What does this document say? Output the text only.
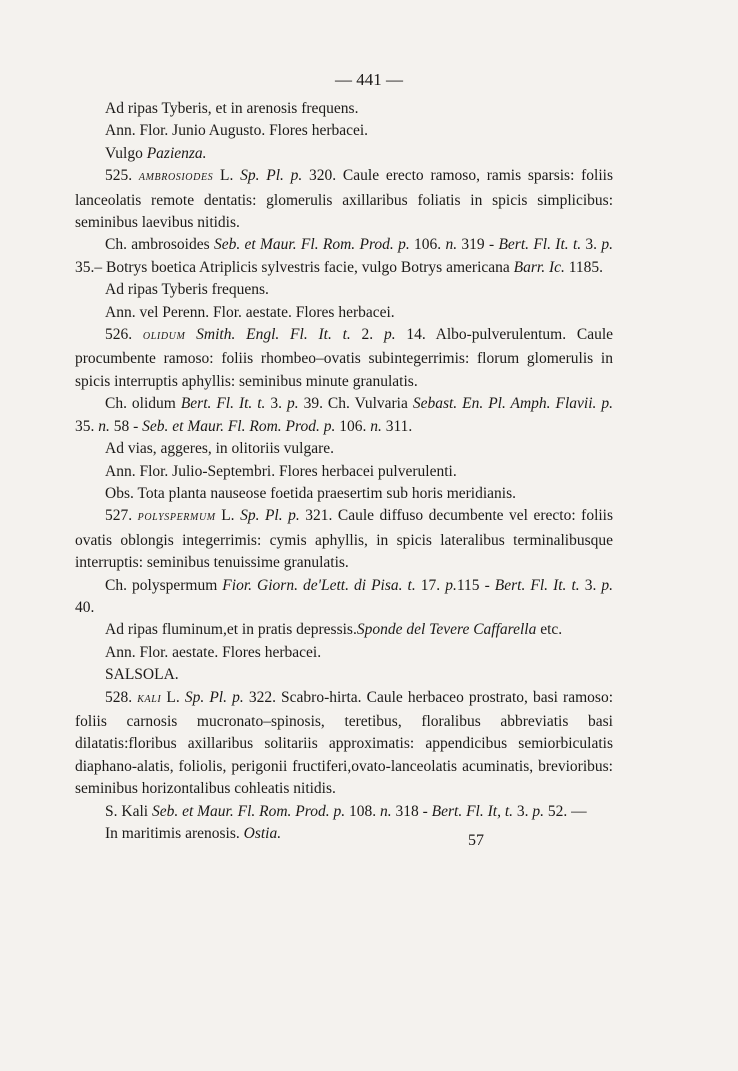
— 441 —

Ad ripas Tyberis, et in arenosis frequens.

Ann. Flor. Junio Augusto. Flores herbacei.

Vulgo Pazienza.

525. AMBROSIODES L. Sp. Pl. p. 320. Caule erecto ramoso, ramis sparsis: foliis lanceolatis remote dentatis: glomerulis axillaribus foliatis in spicis simplicibus: seminibus laevibus nitidis.

Ch. ambrosoides Seb. et Maur. Fl. Rom. Prod. p. 106. n. 319 - Bert. Fl. It. t. 3. p. 35.– Botrys boetica Atriplicis sylvestris facie, vulgo Botrys americana Barr. Ic. 1185.

Ad ripas Tyberis frequens.

Ann. vel Perenn. Flor. aestate. Flores herbacei.

526. OLIDUM Smith. Engl. Fl. It. t. 2. p. 14. Albo-pulverulentum. Caule procumbente ramoso: foliis rhombeo–ovatis subintegerrimis: florum glomerulis in spicis interruptis aphyllis: seminibus minute granulatis.

Ch. olidum Bert. Fl. It. t. 3. p. 39. Ch. Vulvaria Sebast. En. Pl. Amph. Flavii. p. 35. n. 58 - Seb. et Maur. Fl. Rom. Prod. p. 106. n. 311.

Ad vias, aggeres, in olitoriis vulgare.

Ann. Flor. Julio-Septembri. Flores herbacei pulverulenti.

Obs. Tota planta nauseose foetida praesertim sub horis meridianis.

527. POLYSPERMUM L. Sp. Pl. p. 321. Caule diffuso decumbente vel erecto: foliis ovatis oblongis integerrimis: cymis aphyllis, in spicis lateralibus terminalibusque interruptis: seminibus tenuissime granulatis.

Ch. polyspermum Fior. Giorn. de'Lett. di Pisa. t. 17. p.115 - Bert. Fl. It. t. 3. p. 40.

Ad ripas fluminum,et in pratis depressis.Sponde del Tevere Caffarella etc.

Ann. Flor. aestate. Flores herbacei.

SALSOLA.

528. KALI L. Sp. Pl. p. 322. Scabro-hirta. Caule herbaceo prostrato, basi ramoso: foliis carnosis mucronato–spinosis, teretibus, floralibus abbreviatis basi dilatatis:floribus axillaribus solitariis approximatis: appendicibus semiorbiculatis diaphano-alatis, foliolis, perigonii fructiferi,ovato-lanceolatis acuminatis, brevioribus: seminibus horizontalibus cohleatis nitidis.

S. Kali Seb. et Maur. Fl. Rom. Prod. p. 108. n. 318 - Bert. Fl. It, t. 3. p. 52. —

In maritimis arenosis. Ostia.	57
